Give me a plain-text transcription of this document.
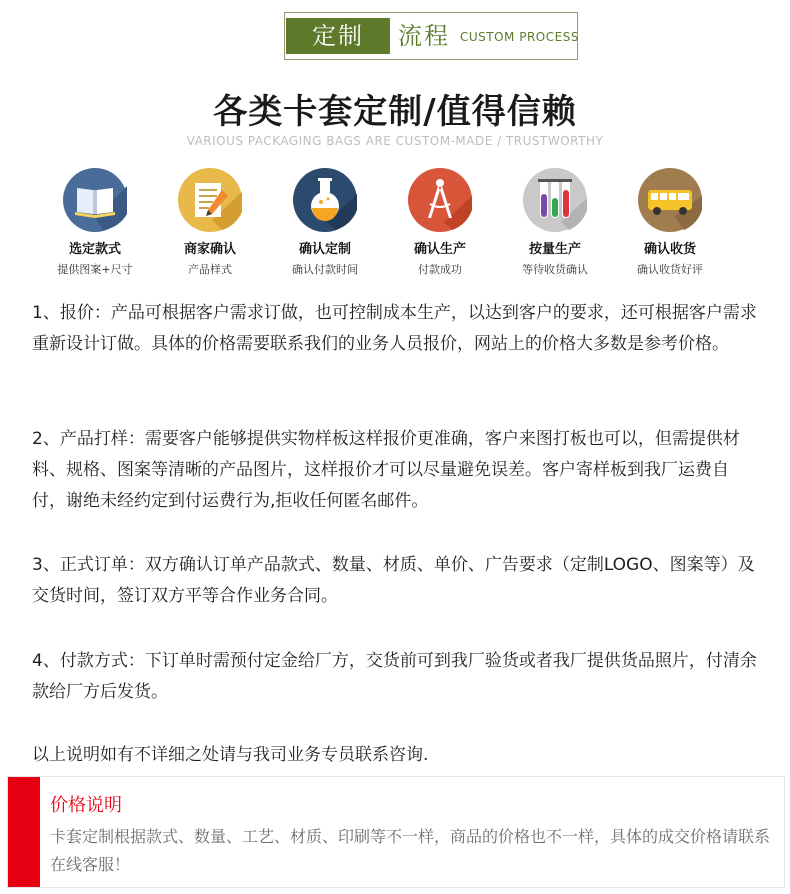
定制	流程 CUSTOM PROCESS
各类卡套定制/值得信赖
VARIOUS PACKAGING BAGS ARE CUSTOM-MADE / TRUSTWORTHY
选定款式
提供图案+尺寸
商家确认
产品样式
确认定制
确认付款时间
确认生产
付款成功
按量生产
等待收货确认
确认收货
确认收货好评
1、报价：产品可根据客户需求订做，也可控制成本生产，以达到客户的要求，还可根据客户需求重新设计订做。具体的价格需要联系我们的业务人员报价，网站上的价格大多数是参考价格。
2、产品打样：需要客户能够提供实物样板这样报价更准确，客户来图打板也可以，但需提供材料、规格、图案等清晰的产品图片，这样报价才可以尽量避免误差。客户寄样板到我厂运费自付，谢绝未经约定到付运费行为,拒收任何匿名邮件。
3、正式订单：双方确认订单产品款式、数量、材质、单价、广告要求（定制LOGO、图案等）及交货时间，签订双方平等合作业务合同。
4、付款方式：下订单时需预付定金给厂方，交货前可到我厂验货或者我厂提供货品照片，付清余款给厂方后发货。
以上说明如有不详细之处请与我司业务专员联系咨询.
价格说明
卡套定制根据款式、数量、工艺、材质、印刷等不一样，商品的价格也不一样，具体的成交价格请联系在线客服！
